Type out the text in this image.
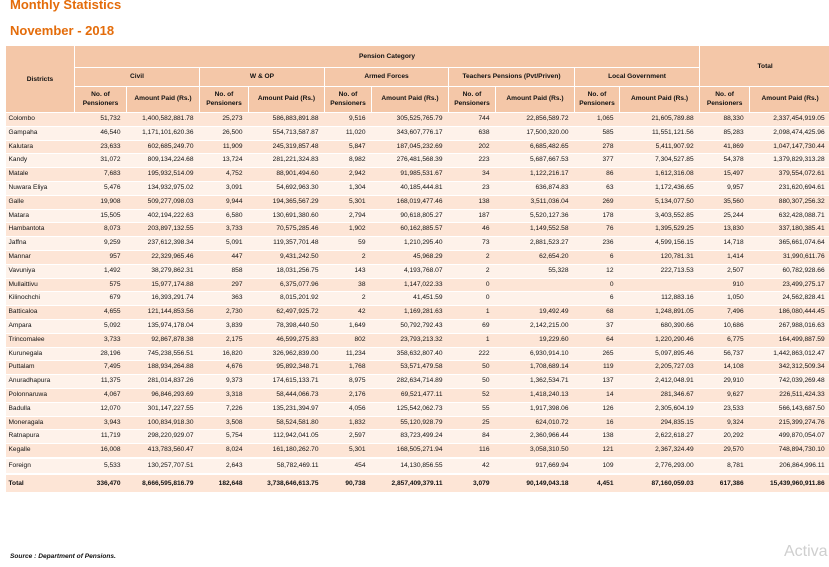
Monthly Statistics
November - 2018
Districts	Pension Category										Total	
	Civil		W & OP		Armed Forces		Teachers Pensions (Pvt/Priven)		Local Government			
	No. of Pensioners	Amount Paid (Rs.)	No. of Pensioners	Amount Paid (Rs.)	No. of Pensioners	Amount Paid (Rs.)	No. of Pensioners	Amount Paid (Rs.)	No. of Pensioners	Amount Paid (Rs.)	No. of Pensioners	Amount Paid (Rs.)
Colombo	51,732	1,400,582,881.78	25,273	586,883,891.88	9,516	305,525,765.79	744	22,856,589.72	1,065	21,605,789.88	88,330	2,337,454,919.05
Gampaha	46,540	1,171,101,620.36	26,500	554,713,587.87	11,020	343,607,776.17	638	17,500,320.00	585	11,551,121.56	85,283	2,098,474,425.96
Kalutara	23,633	602,685,249.70	11,909	245,319,857.48	5,847	187,045,232.69	202	6,685,482.65	278	5,411,907.92	41,869	1,047,147,730.44
Kandy	31,072	809,134,224.68	13,724	281,221,324.83	8,982	276,481,568.39	223	5,687,667.53	377	7,304,527.85	54,378	1,379,829,313.28
Matale	7,683	195,932,514.09	4,752	88,901,494.60	2,942	91,985,531.67	34	1,122,216.17	86	1,612,316.08	15,497	379,554,072.61
Nuwara Eliya	5,476	134,932,975.02	3,091	54,692,963.30	1,304	40,185,444.81	23	636,874.83	63	1,172,436.65	9,957	231,620,694.61
Galle	19,908	509,277,098.03	9,944	194,365,567.29	5,301	168,019,477.46	138	3,511,036.04	269	5,134,077.50	35,560	880,307,256.32
Matara	15,505	402,194,222.63	6,580	130,691,380.60	2,794	90,618,805.27	187	5,520,127.36	178	3,403,552.85	25,244	632,428,088.71
Hambantota	8,073	203,897,132.55	3,733	70,575,285.46	1,902	60,162,885.57	46	1,149,552.58	76	1,395,529.25	13,830	337,180,385.41
Jaffna	9,259	237,612,398.34	5,091	119,357,701.48	59	1,210,295.40	73	2,881,523.27	236	4,599,156.15	14,718	365,661,074.64
Mannar	957	22,329,965.46	447	9,431,242.50	2	45,968.29	2	62,654.20	6	120,781.31	1,414	31,990,611.76
Vavuniya	1,492	38,279,862.31	858	18,031,256.75	143	4,193,768.07	2	55,328	12	222,713.53	2,507	60,782,928.66
Mullaittivu	575	15,977,174.88	297	6,375,077.96	38	1,147,022.33	0		0		910	23,499,275.17
Kilinochchi	679	16,393,291.74	363	8,015,201.92	2	41,451.59	0		6	112,883.16	1,050	24,562,828.41
Batticaloa	4,655	121,144,853.56	2,730	62,497,925.72	42	1,169,281.63	1	19,492.49	68	1,248,891.05	7,496	186,080,444.45
Ampara	5,092	135,974,178.04	3,839	78,398,440.50	1,649	50,792,792.43	69	2,142,215.00	37	680,390.66	10,686	267,988,016.63
Trincomalee	3,733	92,867,878.38	2,175	46,599,275.83	802	23,793,213.32	1	19,229.60	64	1,220,290.46	6,775	164,499,887.59
Kurunegala	28,196	745,238,556.51	16,820	326,962,839.00	11,234	358,632,807.40	222	6,930,914.10	265	5,097,895.46	56,737	1,442,863,012.47
Puttalam	7,495	188,934,264.88	4,676	95,892,348.71	1,768	53,571,479.58	50	1,708,689.14	119	2,205,727.03	14,108	342,312,509.34
Anuradhapura	11,375	281,014,837.26	9,373	174,615,133.71	8,975	282,634,714.89	50	1,362,534.71	137	2,412,048.91	29,910	742,039,269.48
Polonnaruwa	4,067	96,846,293.69	3,318	58,444,066.73	2,176	69,521,477.11	52	1,418,240.13	14	281,346.67	9,627	226,511,424.33
Badulla	12,070	301,147,227.55	7,226	135,231,394.97	4,056	125,542,062.73	55	1,917,398.06	126	2,305,604.19	23,533	566,143,687.50
Moneragala	3,943	100,834,918.30	3,508	58,524,581.80	1,832	55,120,928.79	25	624,010.72	16	294,835.15	9,324	215,399,274.76
Ratnapura	11,719	298,220,929.07	5,754	112,942,041.05	2,597	83,723,499.24	84	2,360,966.44	138	2,622,618.27	20,292	499,870,054.07
Kegalle	16,008	413,783,560.47	8,024	161,180,262.70	5,301	168,505,271.94	116	3,058,310.50	121	2,367,324.49	29,570	748,894,730.10
Foreign	5,533	130,257,707.51	2,643	58,782,469.11	454	14,130,856.55	42	917,669.94	109	2,776,293.00	8,781	206,864,996.11
Total	336,470	8,666,595,816.79	182,648	3,738,646,613.75	90,738	2,857,409,379.11	3,079	90,149,043.18	4,451	87,160,059.03	617,386	15,439,960,911.86
Source : Department of Pensions.	Activa
